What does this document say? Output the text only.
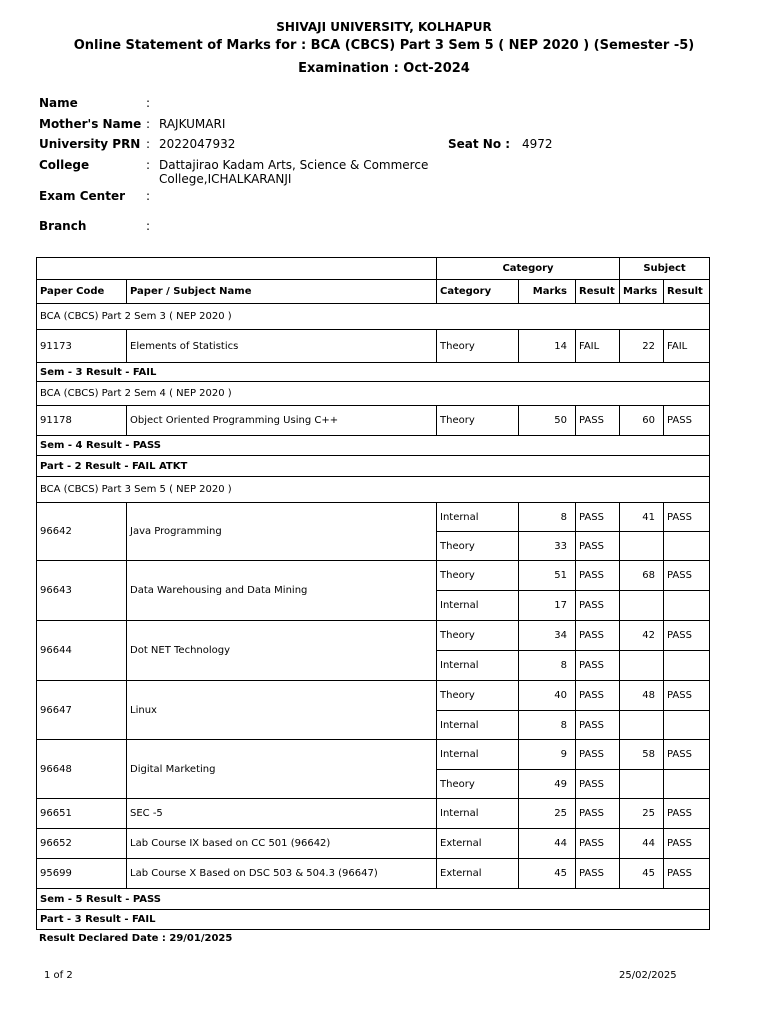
SHIVAJI UNIVERSITY, KOLHAPUR
Online Statement of Marks for : BCA (CBCS) Part 3 Sem 5 ( NEP 2020 ) (Semester -5)
Examination : Oct-2024
Name	:
Mother's Name : RAJKUMARI
University PRN : 2022047932	Seat No : 4972
College	: Dattajirao Kadam Arts, Science & Commerce
College,ICHALKARANJI
Exam Center :
Branch	:
		Category			Subject	
Paper Code	Paper / Subject Name	Category	Marks	Result	Marks	Result
BCA (CBCS) Part 2 Sem 3 ( NEP 2020 )						
91173	Elements of Statistics	Theory	14	FAIL	22	FAIL
Sem - 3 Result - FAIL						
BCA (CBCS) Part 2 Sem 4 ( NEP 2020 )						
91178	Object Oriented Programming Using C++	Theory	50	PASS	60	PASS
Sem - 4 Result - PASS						
Part - 2 Result - FAIL ATKT						
BCA (CBCS) Part 3 Sem 5 ( NEP 2020 )						
96642	Java Programming	Internal	8	PASS	41	PASS
		Theory	33	PASS		
96643	Data Warehousing and Data Mining	Theory	51	PASS	68	PASS
		Internal	17	PASS		
96644	Dot NET Technology	Theory	34	PASS	42	PASS
		Internal	8	PASS		
96647	Linux	Theory	40	PASS	48	PASS
		Internal	8	PASS		
96648	Digital Marketing	Internal	9	PASS	58	PASS
		Theory	49	PASS		
96651	SEC -5	Internal	25	PASS	25	PASS
96652	Lab Course IX based on CC 501 (96642)	External	44	PASS	44	PASS
95699	Lab Course X Based on DSC 503 & 504.3 (96647)	External	45	PASS	45	PASS
Sem - 5 Result - PASS						
Part - 3 Result - FAIL						
Result Declared Date : 29/01/2025
1 of 2	25/02/2025
